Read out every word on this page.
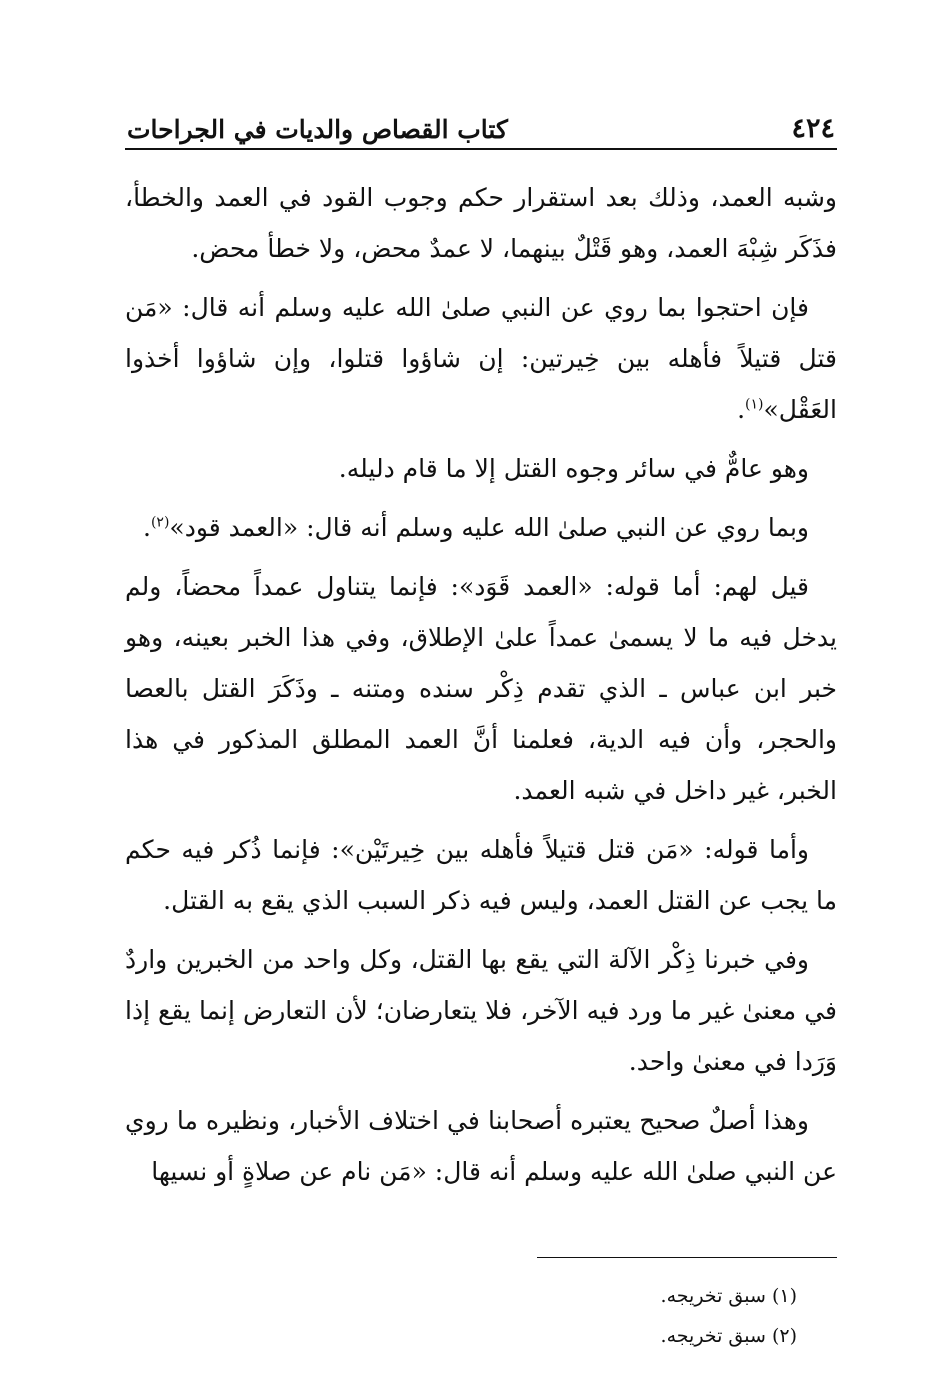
٤٢٤
كتاب القصاص والديات في الجراحات

وشبه العمد، وذلك بعد استقرار حكم وجوب القود في العمد والخطأ، فذَكَر شِبْهَ العمد، وهو قَتْلٌ بينهما، لا عمدٌ محض، ولا خطأ محض.

فإن احتجوا بما روي عن النبي صلىٰ الله عليه وسلم أنه قال: «مَن قتل قتيلاً فأهله بين خِيرتين: إن شاؤوا قتلوا، وإن شاؤوا أخذوا العَقْل»$^{(١)}$.

وهو عامٌّ في سائر وجوه القتل إلا ما قام دليله.

وبما روي عن النبي صلىٰ الله عليه وسلم أنه قال: «العمد قود»$^{(٢)}$.

قيل لهم: أما قوله: «العمد قَوَد»: فإنما يتناول عمداً محضاً، ولم يدخل فيه ما لا يسمىٰ عمداً علىٰ الإطلاق، وفي هذا الخبر بعينه، وهو خبر ابن عباس ـ الذي تقدم ذِكْر سنده ومتنه ـ وذَكَرَ القتل بالعصا والحجر، وأن فيه الدية، فعلمنا أنَّ العمد المطلق المذكور في هذا الخبر، غير داخل في شبه العمد.

وأما قوله: «مَن قتل قتيلاً فأهله بين خِيرتَيْن»: فإنما ذُكر فيه حكم ما يجب عن القتل العمد، وليس فيه ذكر السبب الذي يقع به القتل.

وفي خبرنا ذِكْر الآلة التي يقع بها القتل، وكل واحد من الخبرين واردٌ في معنىٰ غير ما ورد فيه الآخر، فلا يتعارضان؛ لأن التعارض إنما يقع إذا وَرَدا في معنىٰ واحد.

وهذا أصلٌ صحيح يعتبره أصحابنا في اختلاف الأخبار، ونظيره ما روي عن النبي صلىٰ الله عليه وسلم أنه قال: «مَن نام عن صلاةٍ أو نسيها

(١) سبق تخريجه.
(٢) سبق تخريجه.
